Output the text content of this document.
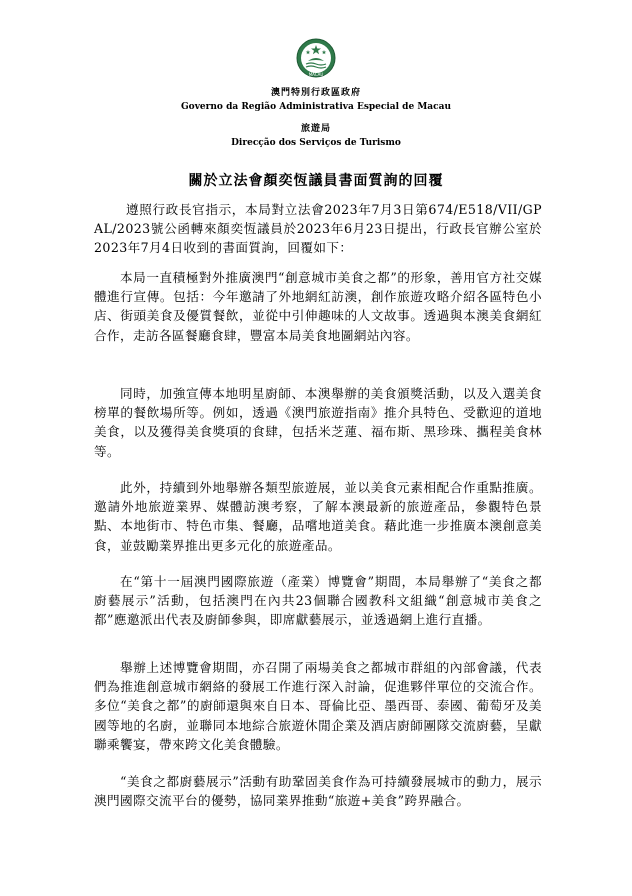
MACAU
澳門特別行政區政府
Governo da Região Administrativa Especial de Macau
旅遊局
Direcção dos Serviços de Turismo
關於立法會顏奕恆議員書面質詢的回覆
遵照行政長官指示，本局對立法會2023年7月3日第674/E518/VII/GPAL/2023號公函轉來顏奕恆議員於2023年6月23日提出，行政長官辦公室於2023年7月4日收到的書面質詢，回覆如下：
本局一直積極對外推廣澳門“創意城市美食之都”的形象，善用官方社交媒體進行宣傳。包括：今年邀請了外地網紅訪澳，創作旅遊攻略介紹各區特色小店、街頭美食及優質餐飲，並從中引伸趣味的人文故事。透過與本澳美食網紅合作，走訪各區餐廳食肆，豐富本局美食地圖網站內容。
同時，加強宣傳本地明星廚師、本澳舉辦的美食頒獎活動，以及入選美食榜單的餐飲場所等。例如，透過《澳門旅遊指南》推介具特色、受歡迎的道地美食，以及獲得美食獎項的食肆，包括米芝蓮、福布斯、黑珍珠、攜程美食林等。
此外，持續到外地舉辦各類型旅遊展，並以美食元素相配合作重點推廣。邀請外地旅遊業界、媒體訪澳考察，了解本澳最新的旅遊產品，參觀特色景點、本地街市、特色市集、餐廳，品嚐地道美食。藉此進一步推廣本澳創意美食，並鼓勵業界推出更多元化的旅遊產品。
在“第十一屆澳門國際旅遊（產業）博覽會”期間，本局舉辦了“美食之都廚藝展示”活動，包括澳門在內共23個聯合國教科文組織“創意城市美食之都”應邀派出代表及廚師參與，即席獻藝展示，並透過網上進行直播。
舉辦上述博覽會期間，亦召開了兩場美食之都城市群組的內部會議，代表們為推進創意城市網絡的發展工作進行深入討論，促進夥伴單位的交流合作。多位“美食之都”的廚師還與來自日本、哥倫比亞、墨西哥、泰國、葡萄牙及美國等地的名廚，並聯同本地綜合旅遊休閒企業及酒店廚師團隊交流廚藝，呈獻聯乘饗宴，帶來跨文化美食體驗。
“美食之都廚藝展示”活動有助鞏固美食作為可持續發展城市的動力，展示澳門國際交流平台的優勢，協同業界推動“旅遊+美食”跨界融合。
